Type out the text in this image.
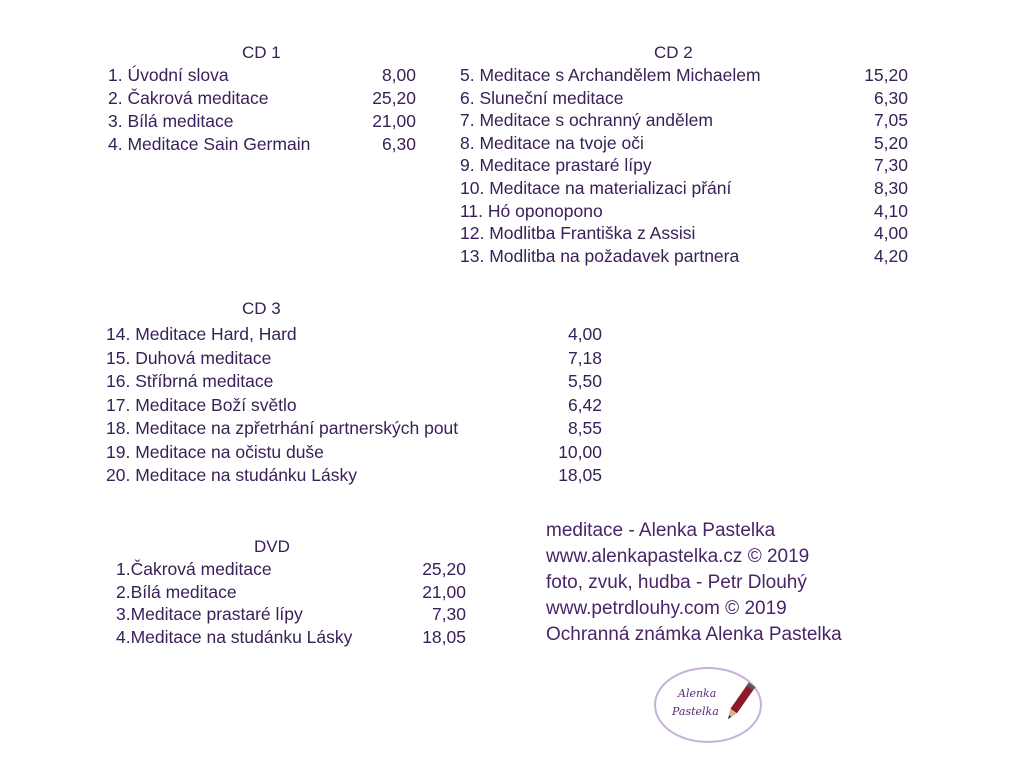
CD 1
1. Úvodní slova	8,00
2. Čakrová meditace	25,20
3. Bílá meditace	21,00
4. Meditace Sain Germain	6,30
CD 2
5. Meditace s Archandělem Michaelem	15,20
6. Sluneční meditace	6,30
7. Meditace s ochranný andělem	7,05
8. Meditace na tvoje oči	5,20
9. Meditace prastaré lípy	7,30
10. Meditace na materializaci přání	8,30
11. Hó oponopono	4,10
12. Modlitba Františka z Assisi	4,00
13. Modlitba na požadavek partnera	4,20
CD 3
14. Meditace Hard, Hard	4,00
15. Duhová meditace	7,18
16. Stříbrná meditace	5,50
17. Meditace Boží světlo	6,42
18. Meditace na zpřetrhání partnerských pout	8,55
19. Meditace na očistu duše	10,00
20. Meditace na studánku Lásky	18,05
DVD
1.Čakrová meditace	25,20
2.Bílá meditace	21,00
3.Meditace prastaré lípy	7,30
4.Meditace na studánku Lásky	18,05
meditace - Alenka Pastelka
www.alenkapastelka.cz © 2019
foto, zvuk, hudba - Petr Dlouhý
www.petrdlouhy.com © 2019
Ochranná známka Alenka Pastelka
Alenka
Pastelka
